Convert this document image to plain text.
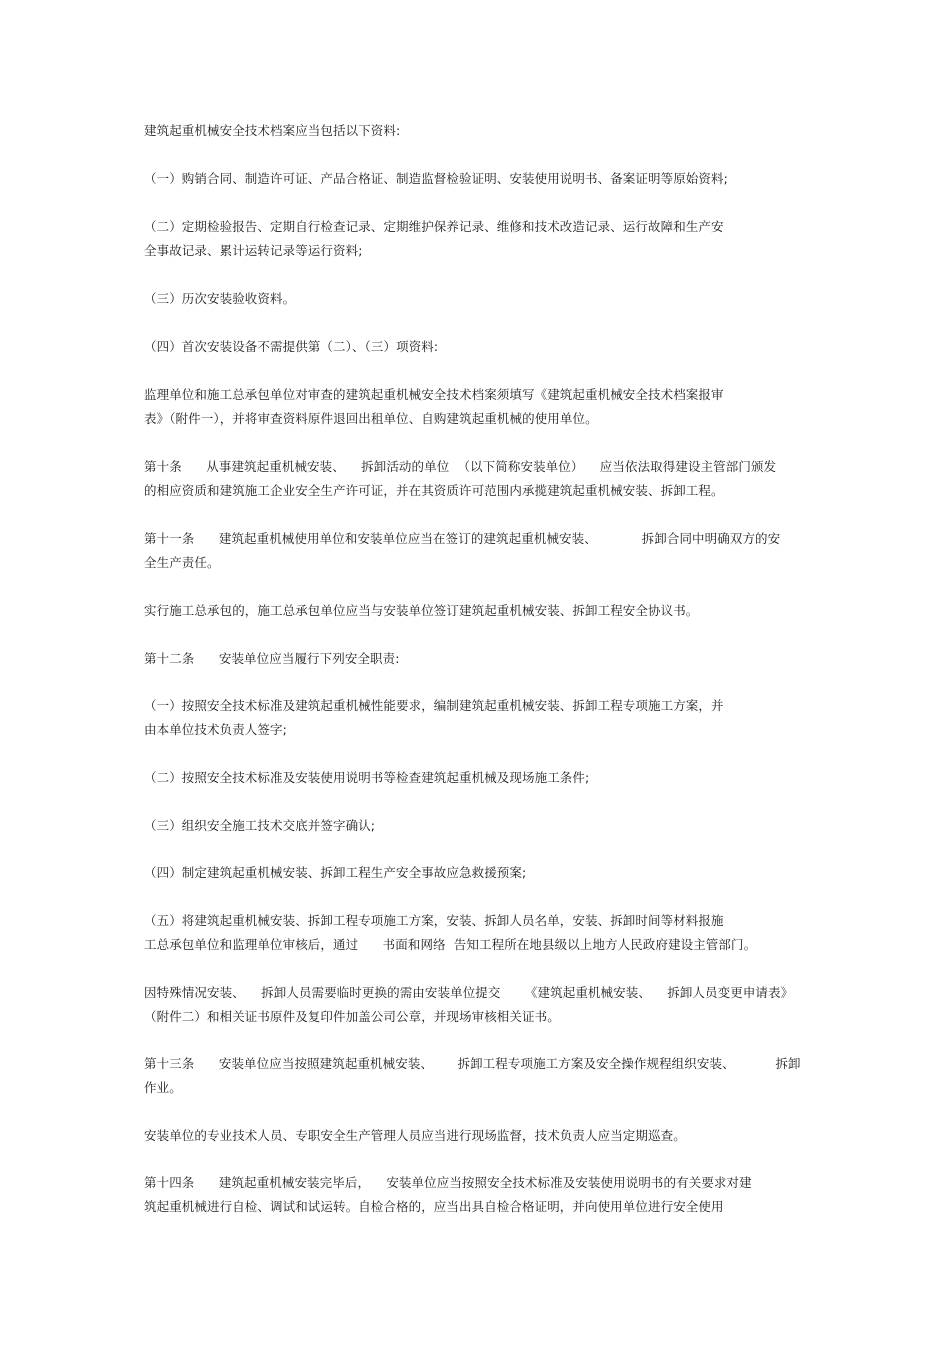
建筑起重机械安全技术档案应当包括以下资料:
（一）购销合同、制造许可证、产品合格证、制造监督检验证明、安装使用说明书、备案证明等原始资料;
（二）定期检验报告、定期自行检查记录、定期维护保养记录、维修和技术改造记录、运行故障和生产安
全事故记录、累计运转记录等运行资料;
（三）历次安装验收资料。
（四）首次安装设备不需提供第（二）、（三）项资料:
监理单位和施工总承包单位对审查的建筑起重机械安全技术档案须填写《建筑起重机械安全技术档案报审
表》（附件一），并将审查资料原件退回出租单位、自购建筑起重机械的使用单位。
第十条      从事建筑起重机械安装、    拆卸活动的单位  （以下简称安装单位）    应当依法取得建设主管部门颁发
的相应资质和建筑施工企业安全生产许可证，并在其资质许可范围内承揽建筑起重机械安装、拆卸工程。
第十一条      建筑起重机械使用单位和安装单位应当在签订的建筑起重机械安装、           拆卸合同中明确双方的安
全生产责任。
实行施工总承包的，施工总承包单位应当与安装单位签订建筑起重机械安装、拆卸工程安全协议书。
第十二条      安装单位应当履行下列安全职责:
（一）按照安全技术标准及建筑起重机械性能要求，编制建筑起重机械安装、拆卸工程专项施工方案，并
由本单位技术负责人签字;
（二）按照安全技术标准及安装使用说明书等检查建筑起重机械及现场施工条件;
（三）组织安全施工技术交底并签字确认;
（四）制定建筑起重机械安装、拆卸工程生产安全事故应急救援预案;
（五）将建筑起重机械安装、拆卸工程专项施工方案，安装、拆卸人员名单，安装、拆卸时间等材料报施
工总承包单位和监理单位审核后，通过      书面和网络  告知工程所在地县级以上地方人民政府建设主管部门。
因特殊情况安装、    拆卸人员需要临时更换的需由安装单位提交      《建筑起重机械安装、    拆卸人员变更申请表》
（附件二）和相关证书原件及复印件加盖公司公章，并现场审核相关证书。
第十三条      安装单位应当按照建筑起重机械安装、      拆卸工程专项施工方案及安全操作规程组织安装、          拆卸
作业。
安装单位的专业技术人员、专职安全生产管理人员应当进行现场监督，技术负责人应当定期巡查。
第十四条      建筑起重机械安装完毕后，    安装单位应当按照安全技术标准及安装使用说明书的有关要求对建
筑起重机械进行自检、调试和试运转。自检合格的，应当出具自检合格证明，并向使用单位进行安全使用
